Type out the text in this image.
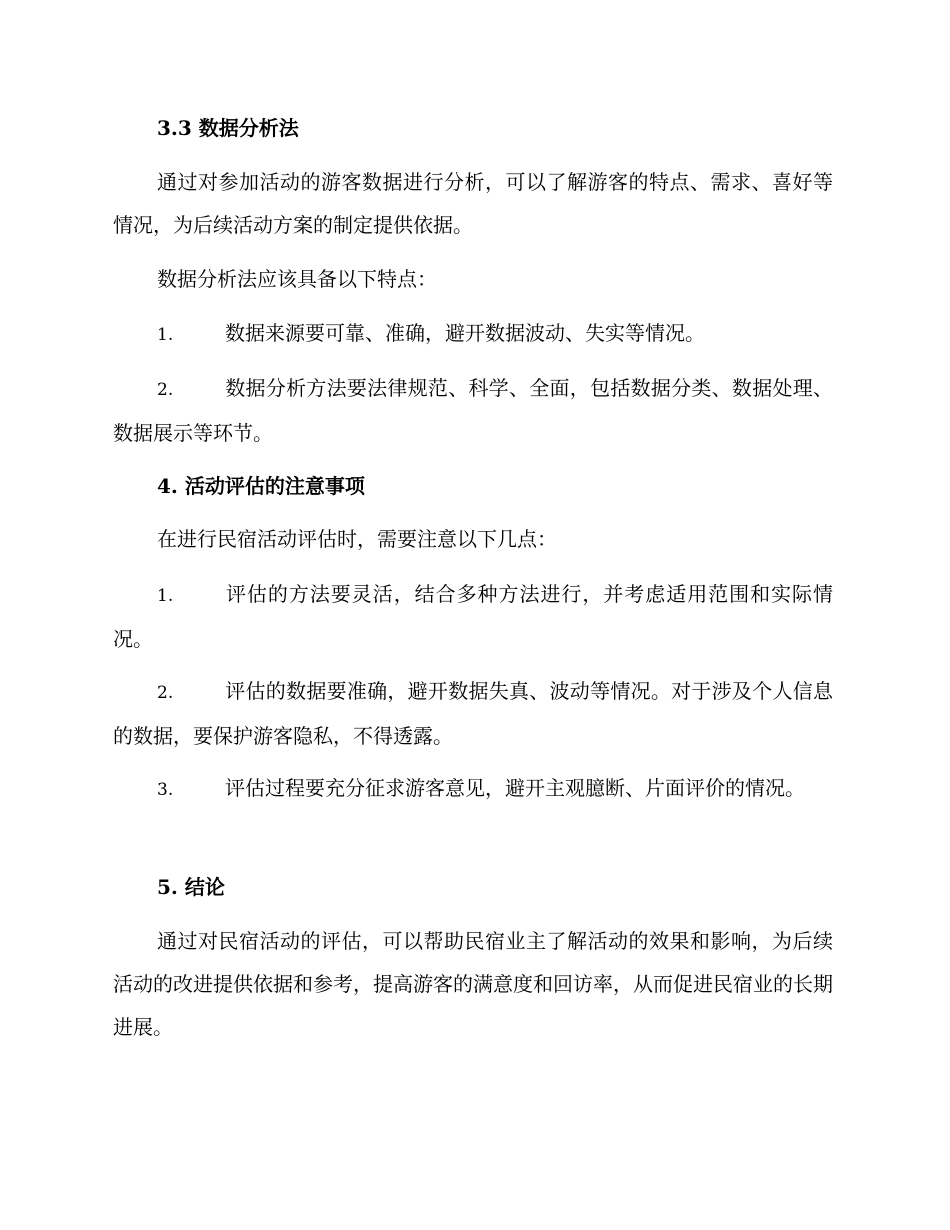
3.3 数据分析法

通过对参加活动的游客数据进行分析，可以了解游客的特点、需求、喜好等情况，为后续活动方案的制定提供依据。

数据分析法应该具备以下特点：

1.	数据来源要可靠、准确，避开数据波动、失实等情况。

2.	数据分析方法要法律规范、科学、全面，包括数据分类、数据处理、数据展示等环节。

4. 活动评估的注意事项

在进行民宿活动评估时，需要注意以下几点：

1.	评估的方法要灵活，结合多种方法进行，并考虑适用范围和实际情况。

2.	评估的数据要准确，避开数据失真、波动等情况。对于涉及个人信息的数据，要保护游客隐私，不得透露。

3.	评估过程要充分征求游客意见，避开主观臆断、片面评价的情况。

5. 结论

通过对民宿活动的评估，可以帮助民宿业主了解活动的效果和影响，为后续活动的改进提供依据和参考，提高游客的满意度和回访率，从而促进民宿业的长期进展。
